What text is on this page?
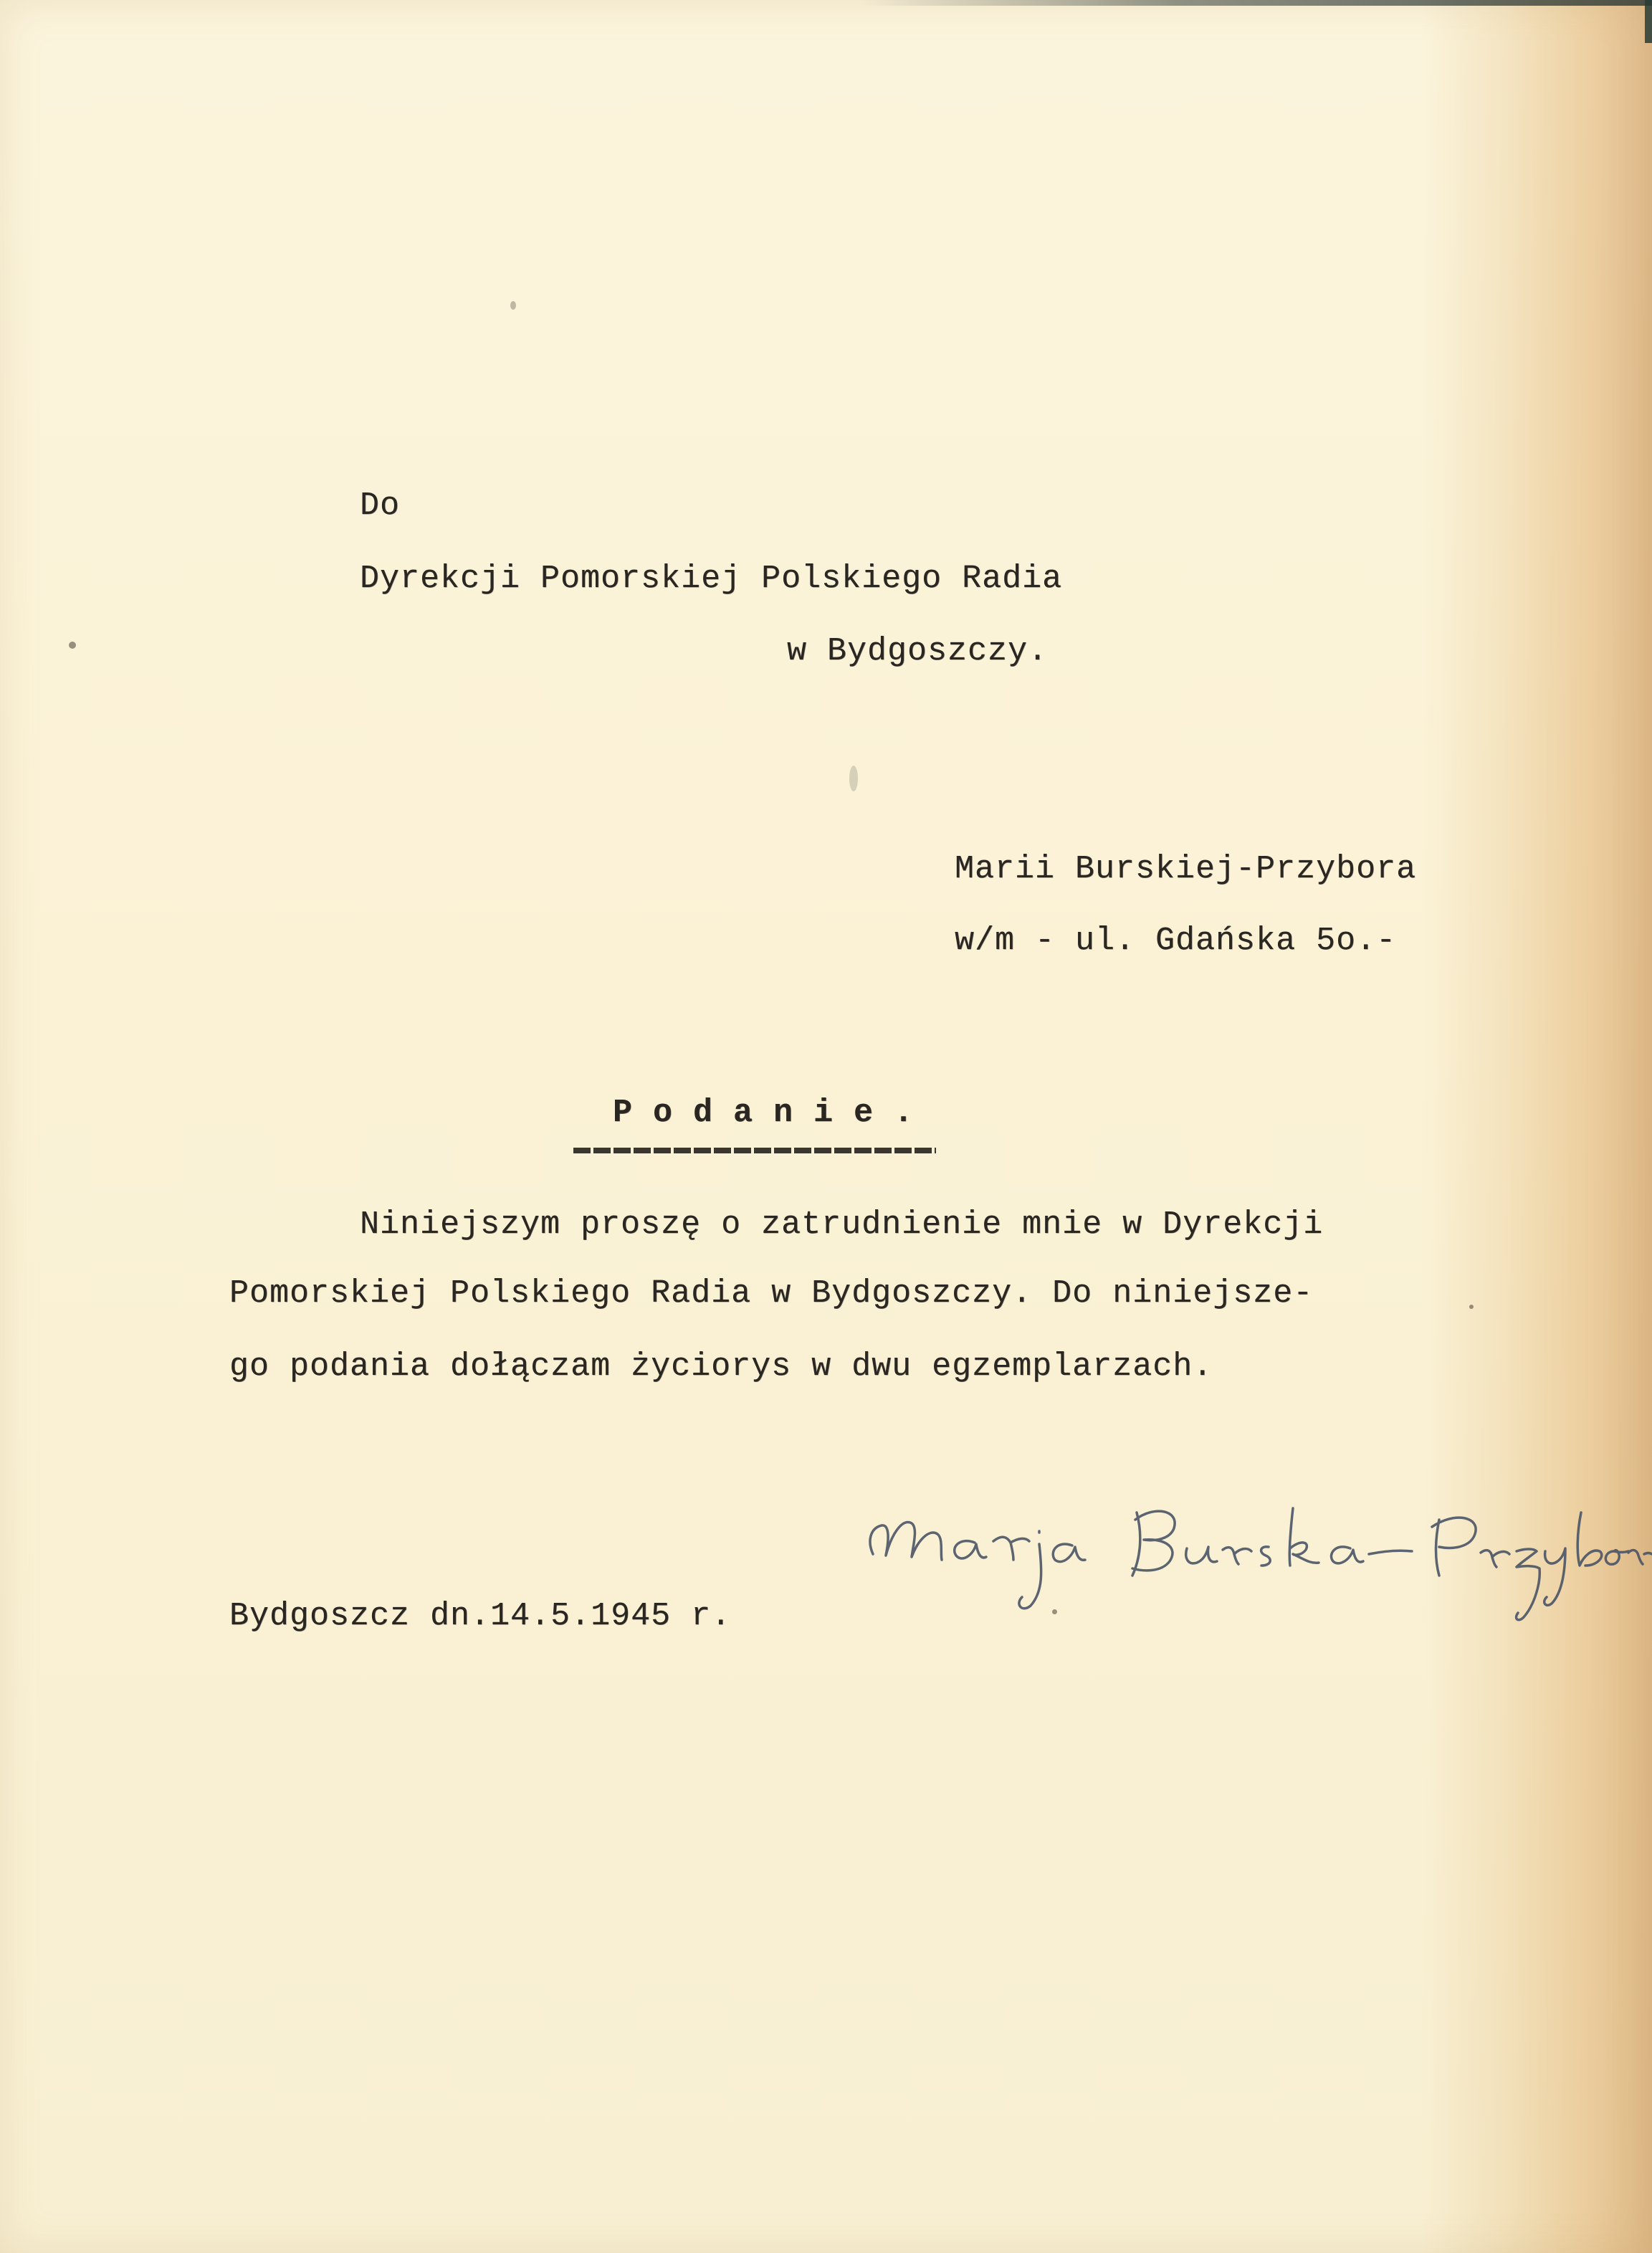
Do

Dyrekcji Pomorskiej Polskiego Radia

w Bydgoszczy.

Marii Burskiej-Przybora

w/m - ul. Gdańska 5o.-

P o d a n i e .

Niniejszym proszę o zatrudnienie mnie w Dyrekcji

Pomorskiej Polskiego Radia w Bydgoszczy. Do niniejsze-

go podania dołączam życiorys w dwu egzemplarzach.

Bydgoszcz dn.14.5.1945 r.
